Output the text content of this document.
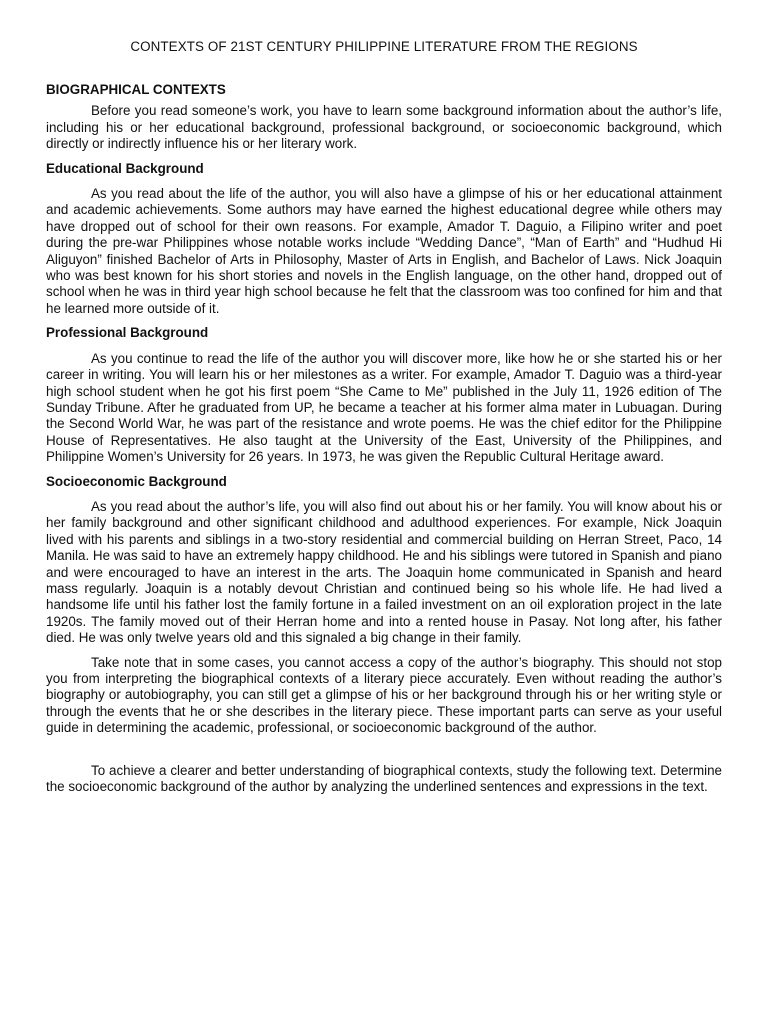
CONTEXTS OF 21ST CENTURY PHILIPPINE LITERATURE FROM THE REGIONS
BIOGRAPHICAL CONTEXTS

Before you read someone’s work, you have to learn some background information about the author’s life, including his or her educational background, professional background, or socioeconomic background, which directly or indirectly influence his or her literary work.

Educational Background

As you read about the life of the author, you will also have a glimpse of his or her educational attainment and academic achievements. Some authors may have earned the highest educational degree while others may have dropped out of school for their own reasons. For example, Amador T. Daguio, a Filipino writer and poet during the pre-war Philippines whose notable works include “Wedding Dance”, “Man of Earth” and “Hudhud Hi Aliguyon” finished Bachelor of Arts in Philosophy, Master of Arts in English, and Bachelor of Laws. Nick Joaquin who was best known for his short stories and novels in the English language, on the other hand, dropped out of school when he was in third year high school because he felt that the classroom was too confined for him and that he learned more outside of it.

Professional Background

As you continue to read the life of the author you will discover more, like how he or she started his or her career in writing. You will learn his or her milestones as a writer. For example, Amador T. Daguio was a third-year high school student when he got his first poem “She Came to Me” published in the July 11, 1926 edition of The Sunday Tribune. After he graduated from UP, he became a teacher at his former alma mater in Lubuagan. During the Second World War, he was part of the resistance and wrote poems. He was the chief editor for the Philippine House of Representatives. He also taught at the University of the East, University of the Philippines, and Philippine Women’s University for 26 years. In 1973, he was given the Republic Cultural Heritage award.

Socioeconomic Background

As you read about the author’s life, you will also find out about his or her family. You will know about his or her family background and other significant childhood and adulthood experiences. For example, Nick Joaquin lived with his parents and siblings in a two-story residential and commercial building on Herran Street, Paco, 14 Manila. He was said to have an extremely happy childhood. He and his siblings were tutored in Spanish and piano and were encouraged to have an interest in the arts. The Joaquin home communicated in Spanish and heard mass regularly. Joaquin is a notably devout Christian and continued being so his whole life. He had lived a handsome life until his father lost the family fortune in a failed investment on an oil exploration project in the late 1920s. The family moved out of their Herran home and into a rented house in Pasay. Not long after, his father died. He was only twelve years old and this signaled a big change in their family.

Take note that in some cases, you cannot access a copy of the author’s biography. This should not stop you from interpreting the biographical contexts of a literary piece accurately. Even without reading the author’s biography or autobiography, you can still get a glimpse of his or her background through his or her writing style or through the events that he or she describes in the literary piece. These important parts can serve as your useful guide in determining the academic, professional, or socioeconomic background of the author.

To achieve a clearer and better understanding of biographical contexts, study the following text. Determine the socioeconomic background of the author by analyzing the underlined sentences and expressions in the text.
